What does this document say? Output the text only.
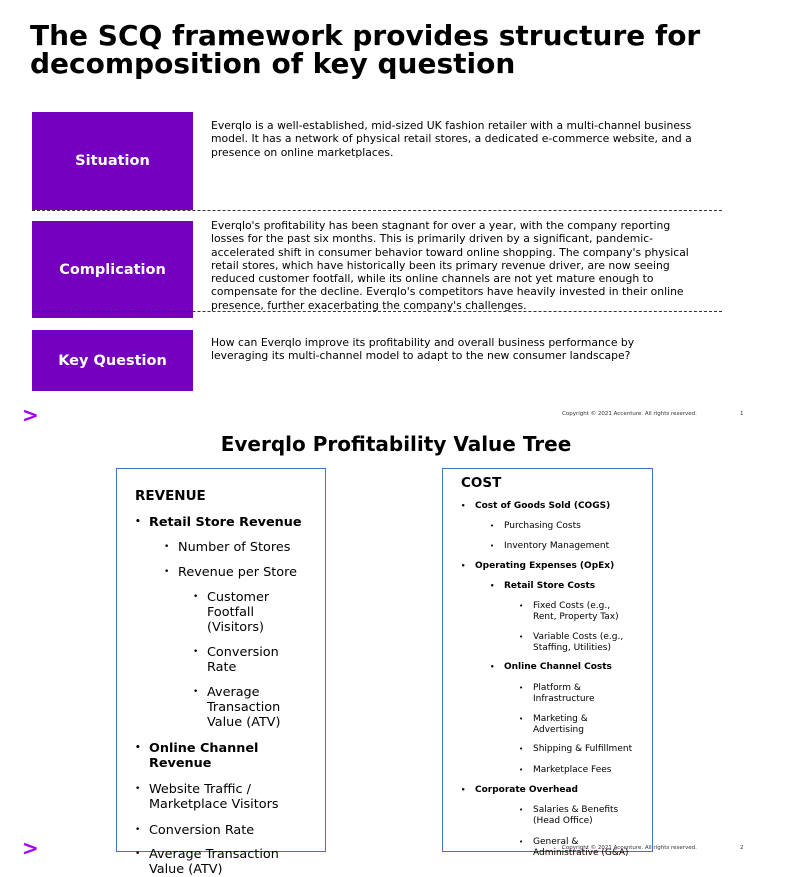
The SCQ framework provides structure for decomposition of key question
Situation
Everqlo is a well-established, mid-sized UK fashion retailer with a multi-channel business model. It has a network of physical retail stores, a dedicated e-commerce website, and a presence on online marketplaces.
Complication
Everqlo's profitability has been stagnant for over a year, with the company reporting losses for the past six months. This is primarily driven by a significant, pandemic-accelerated shift in consumer behavior toward online shopping. The company's physical retail stores, which have historically been its primary revenue driver, are now seeing reduced customer footfall, while its online channels are not yet mature enough to compensate for the decline. Everqlo's competitors have heavily invested in their online presence, further exacerbating the company's challenges.
Key Question
How can Everqlo improve its profitability and overall business performance by leveraging its multi-channel model to adapt to the new consumer landscape?
>	Copyright © 2021 Accenture. All rights reserved.	1
Everqlo Profitability Value Tree
REVENUE
• Retail Store Revenue
• Number of Stores
• Revenue per Store
• Customer Footfall (Visitors)
• Conversion Rate
• Average Transaction Value (ATV)
• Online Channel Revenue
• Website Traffic / Marketplace Visitors
• Conversion Rate
• Average Transaction Value (ATV)
COST
• Cost of Goods Sold (COGS)
• Purchasing Costs
• Inventory Management
• Operating Expenses (OpEx)
• Retail Store Costs
• Fixed Costs (e.g., Rent, Property Tax)
• Variable Costs (e.g., Staffing, Utilities)
• Online Channel Costs
• Platform & Infrastructure
• Marketing & Advertising
• Shipping & Fulfillment
• Marketplace Fees
• Corporate Overhead
• Salaries & Benefits (Head Office)
• General & Administrative (G&A)
>	Copyright © 2021 Accenture. All rights reserved.	2
